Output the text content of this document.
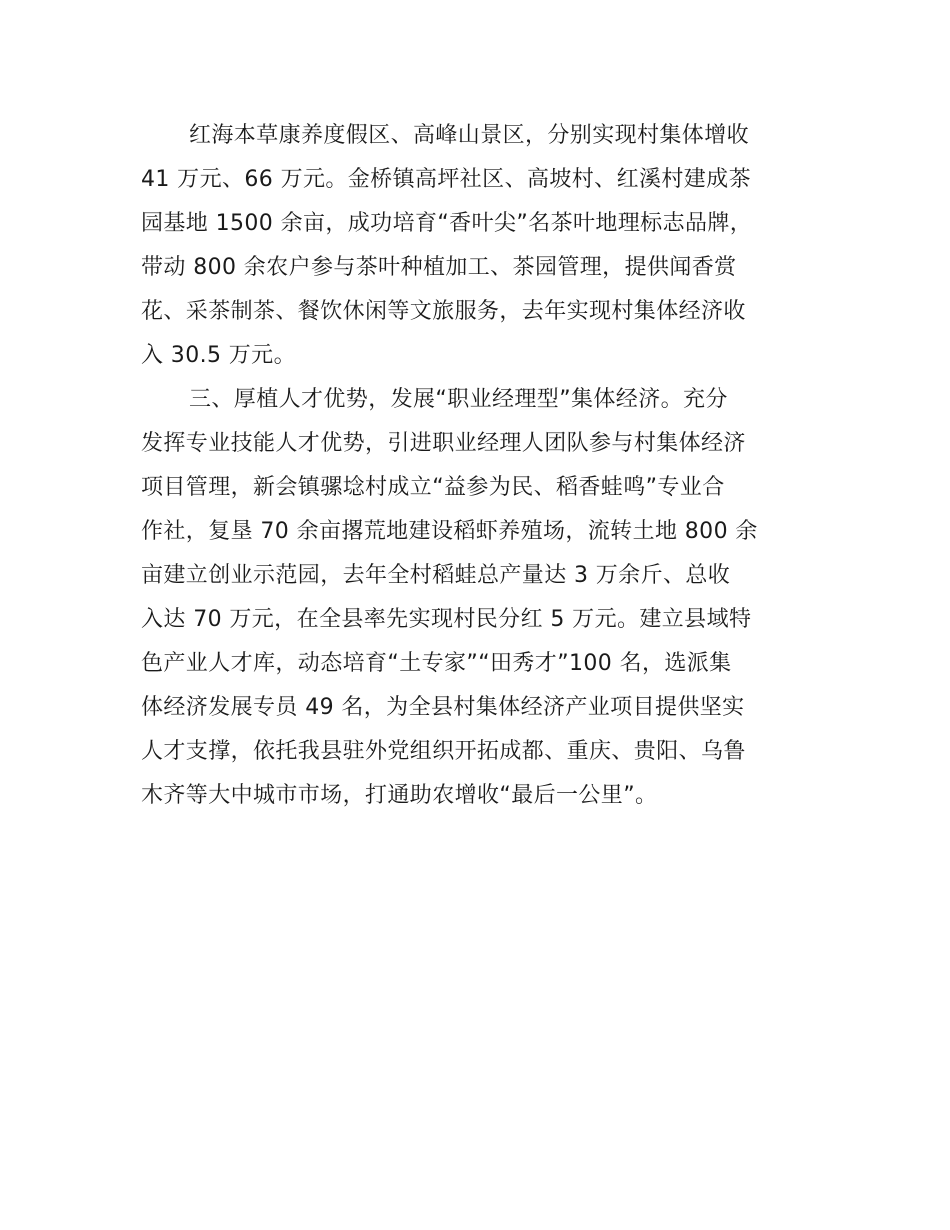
红海本草康养度假区、高峰山景区，分别实现村集体增收
41 万元、66 万元。金桥镇高坪社区、高坡村、红溪村建成茶
园基地 1500 余亩，成功培育“香叶尖”名茶叶地理标志品牌，
带动 800 余农户参与茶叶种植加工、茶园管理，提供闻香赏
花、采茶制茶、餐饮休闲等文旅服务，去年实现村集体经济收
入 30.5 万元。
三、厚植人才优势，发展“职业经理型”集体经济。充分
发挥专业技能人才优势，引进职业经理人团队参与村集体经济
项目管理，新会镇骡埝村成立“益参为民、稻香蛙鸣”专业合
作社，复垦 70 余亩撂荒地建设稻虾养殖场，流转土地 800 余
亩建立创业示范园，去年全村稻蛙总产量达 3 万余斤、总收
入达 70 万元，在全县率先实现村民分红 5 万元。建立县域特
色产业人才库，动态培育“土专家”“田秀才”100 名，选派集
体经济发展专员 49 名，为全县村集体经济产业项目提供坚实
人才支撑，依托我县驻外党组织开拓成都、重庆、贵阳、乌鲁
木齐等大中城市市场，打通助农增收“最后一公里”。
